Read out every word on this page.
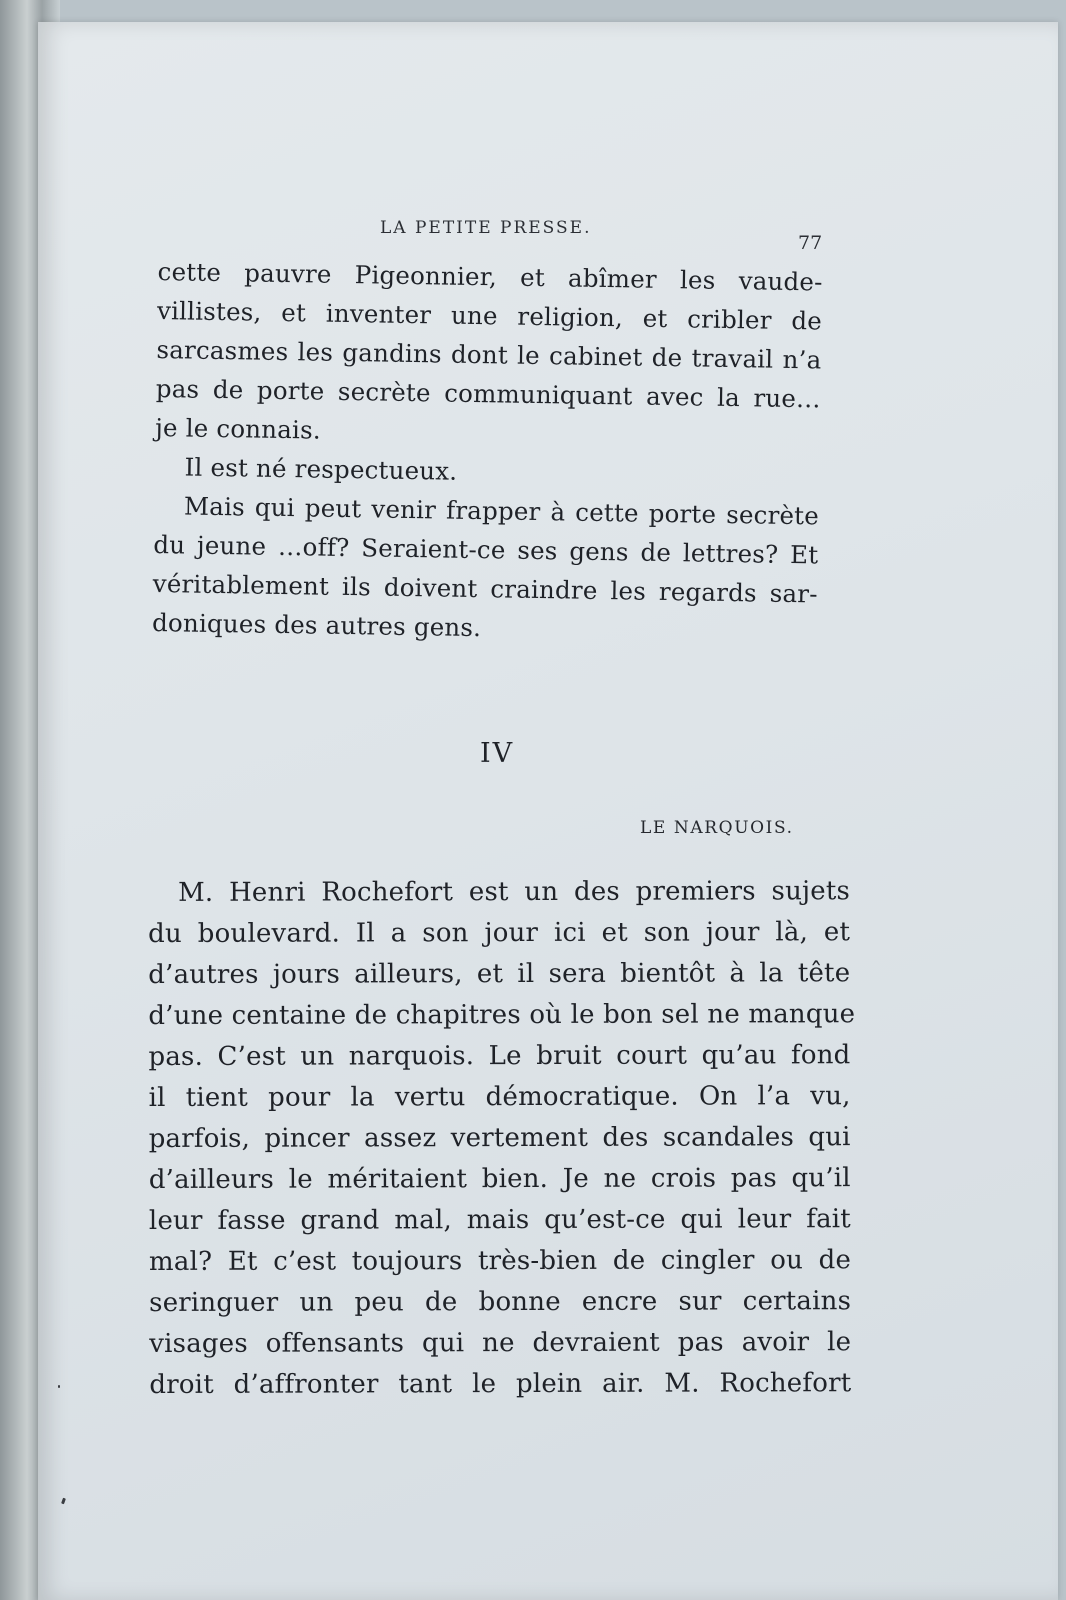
LA PETITE PRESSE.
77
cette pauvre Pigeonnier, et abîmer les vaude-
villistes, et inventer une religion, et cribler de
sarcasmes les gandins dont le cabinet de travail n’a
pas de porte secrète communiquant avec la rue…
je le connais.
Il est né respectueux.
Mais qui peut venir frapper à cette porte secrète
du jeune …off? Seraient-ce ses gens de lettres? Et
véritablement ils doivent craindre les regards sar-
doniques des autres gens.
IV
LE NARQUOIS.
M. Henri Rochefort est un des premiers sujets
du boulevard. Il a son jour ici et son jour là, et
d’autres jours ailleurs, et il sera bientôt à la tête
d’une centaine de chapitres où le bon sel ne manque
pas. C’est un narquois. Le bruit court qu’au fond
il tient pour la vertu démocratique. On l’a vu,
parfois, pincer assez vertement des scandales qui
d’ailleurs le méritaient bien. Je ne crois pas qu’il
leur fasse grand mal, mais qu’est-ce qui leur fait
mal? Et c’est toujours très-bien de cingler ou de
seringuer un peu de bonne encre sur certains
visages offensants qui ne devraient pas avoir le
droit d’affronter tant le plein air. M. Rochefort
